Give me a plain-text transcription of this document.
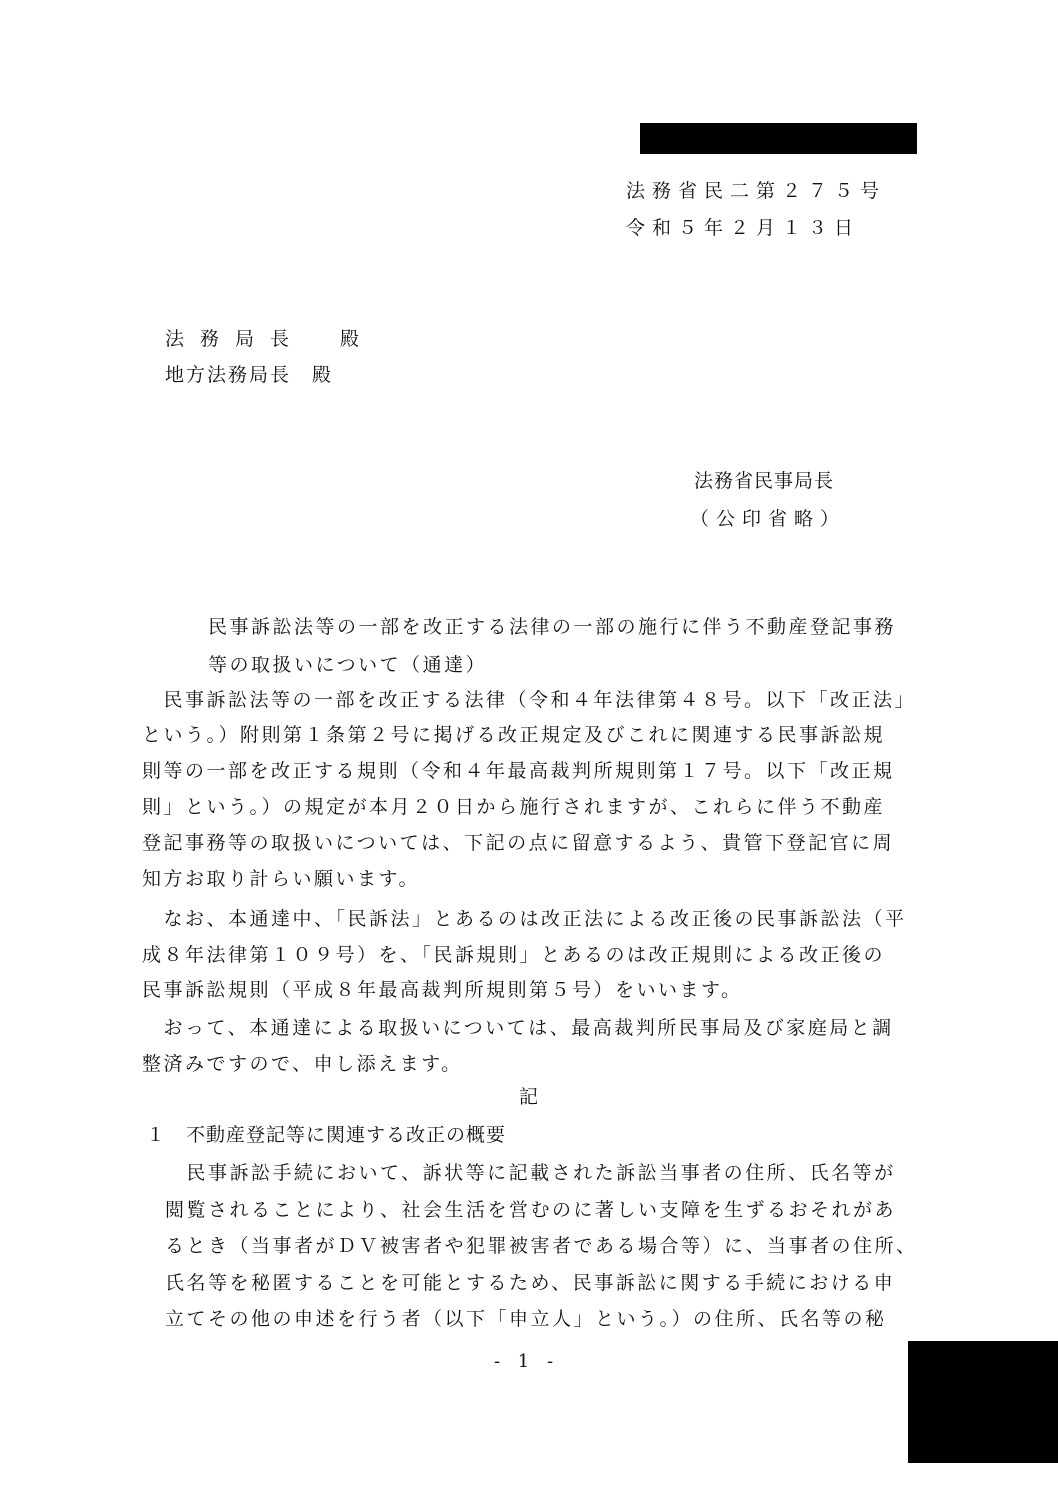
法務省民二第２７５号
令和５年２月１３日
法務局長　殿
地方法務局長　殿
法務省民事局長
（公印省略）
民事訴訟法等の一部を改正する法律の一部の施行に伴う不動産登記事務
等の取扱いについて（通達）
　民事訴訟法等の一部を改正する法律（令和４年法律第４８号。以下「改正法」
という。）附則第１条第２号に掲げる改正規定及びこれに関連する民事訴訟規
則等の一部を改正する規則（令和４年最高裁判所規則第１７号。以下「改正規
則」という。）の規定が本月２０日から施行されますが、これらに伴う不動産
登記事務等の取扱いについては、下記の点に留意するよう、貴管下登記官に周
知方お取り計らい願います。
　なお、本通達中、「民訴法」とあるのは改正法による改正後の民事訴訟法（平
成８年法律第１０９号）を、「民訴規則」とあるのは改正規則による改正後の
民事訴訟規則（平成８年最高裁判所規則第５号）をいいます。
　おって、本通達による取扱いについては、最高裁判所民事局及び家庭局と調
整済みですので、申し添えます。
記
１　不動産登記等に関連する改正の概要
　民事訴訟手続において、訴状等に記載された訴訟当事者の住所、氏名等が
閲覧されることにより、社会生活を営むのに著しい支障を生ずるおそれがあ
るとき（当事者がＤＶ被害者や犯罪被害者である場合等）に、当事者の住所、
氏名等を秘匿することを可能とするため、民事訴訟に関する手続における申
立てその他の申述を行う者（以下「申立人」という。）の住所、氏名等の秘
- 1 -
